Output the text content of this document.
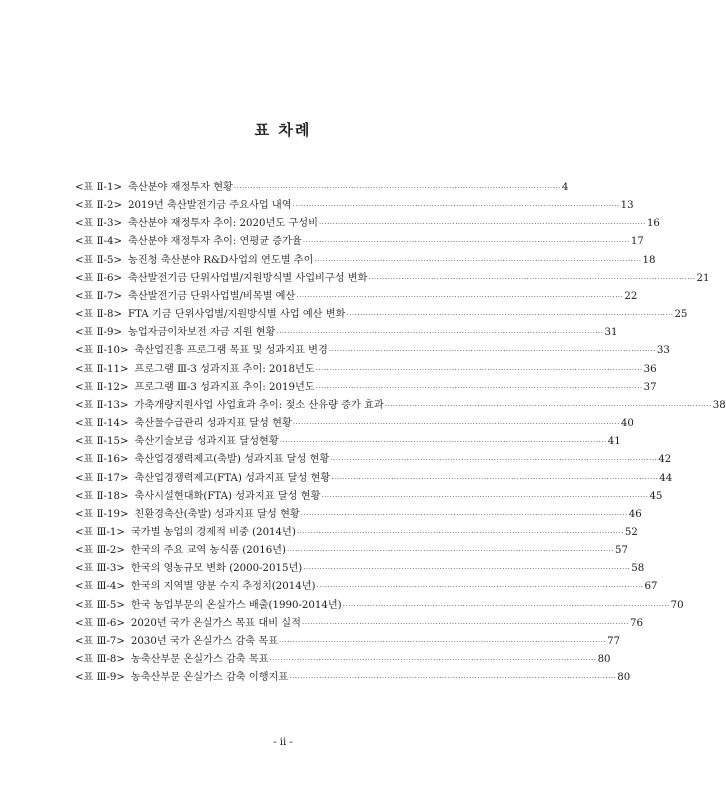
표 차례
<표 Ⅱ-1> 축산분야 재정투자 현황 ························································································································ 4
<표 Ⅱ-2> 2019년 축산발전기금 주요사업 내역 ························································································································ 13
<표 Ⅱ-3> 축산분야 재정투자 추이: 2020년도 구성비 ························································································································ 16
<표 Ⅱ-4> 축산분야 재정투자 추이: 연평균 증가율 ························································································································ 17
<표 Ⅱ-5> 농진청 축산분야 R&D사업의 연도별 추이 ························································································································ 18
<표 Ⅱ-6> 축산발전기금 단위사업별/지원방식별 사업비구성 변화 ························································································································ 21
<표 Ⅱ-7> 축산발전기금 단위사업별/비목별 예산 ························································································································ 22
<표 Ⅱ-8> FTA 기금 단위사업별/지원방식별 사업 예산 변화 ························································································································ 25
<표 Ⅱ-9> 농업자금이차보전 자금 지원 현황 ························································································································ 31
<표 Ⅱ-10> 축산업진흥 프로그램 목표 및 성과지표 변경 ························································································································ 33
<표 Ⅱ-11> 프로그램 Ⅲ-3 성과지표 추이: 2018년도 ························································································································ 36
<표 Ⅱ-12> 프로그램 Ⅲ-3 성과지표 추이: 2019년도 ························································································································ 37
<표 Ⅱ-13> 가축개량지원사업 사업효과 추이: 젖소 산유량 증가 효과 ························································································································ 38
<표 Ⅱ-14> 축산물수급관리 성과지표 달성 현황 ························································································································ 40
<표 Ⅱ-15> 축산기술보급 성과지표 달성현황 ························································································································ 41
<표 Ⅱ-16> 축산업경쟁력제고(축발) 성과지표 달성 현황 ························································································································ 42
<표 Ⅱ-17> 축산업경쟁력제고(FTA) 성과지표 달성 현황 ························································································································ 44
<표 Ⅱ-18> 축사시설현대화(FTA) 성과지표 달성 현황 ························································································································ 45
<표 Ⅱ-19> 친환경축산(축발) 성과지표 달성 현황 ························································································································ 46
<표 Ⅲ-1> 국가별 농업의 경제적 비중 (2014년) ························································································································ 52
<표 Ⅲ-2> 한국의 주요 교역 농식품 (2016년) ························································································································ 57
<표 Ⅲ-3> 한국의 영농규모 변화 (2000-2015년) ························································································································ 58
<표 Ⅲ-4> 한국의 지역별 양분 수지 추정치(2014년) ························································································································ 67
<표 Ⅲ-5> 한국 농업부문의 온실가스 배출(1990-2014년) ························································································································ 70
<표 Ⅲ-6> 2020년 국가 온실가스 목표 대비 실적 ························································································································ 76
<표 Ⅲ-7> 2030년 국가 온실가스 감축 목표 ························································································································ 77
<표 Ⅲ-8> 농축산부문 온실가스 감축 목표 ························································································································ 80
<표 Ⅲ-9> 농축산부문 온실가스 감축 이행지표 ························································································································ 80
- ii -
